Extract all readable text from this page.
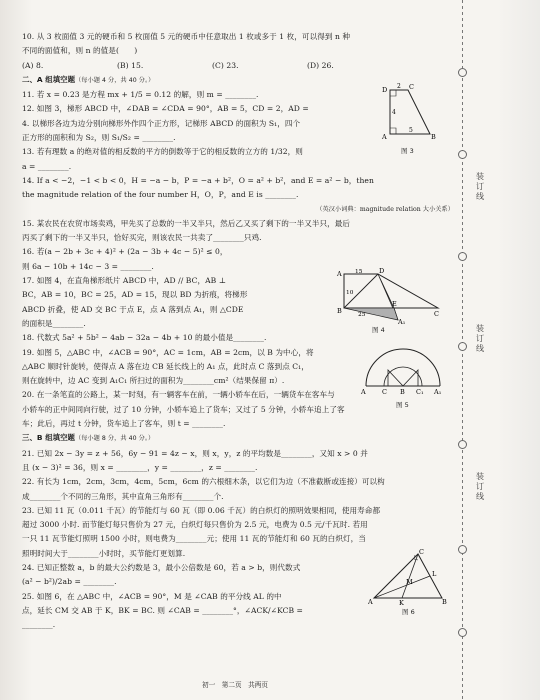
10. 从 3 枚面值 3 元的硬币和 5 枚面值 5 元的硬币中任意取出 1 枚或多于 1 枚，可以得到 n 种
不同的面值和，则 n 的值是(　　)
(A) 8.	(B) 15.	(C) 23.	(D) 26.
二、A 组填空题（每小题 4 分，共 40 分。）
11. 若 x = 0.23 是方程 mx + 1/5 = 0.12 的解，则 m = ________.
12. 如图 3，梯形 ABCD 中，∠DAB = ∠CDA = 90°，AB = 5，CD = 2，AD =
4. 以梯形各边为边分别向梯形外作四个正方形，记梯形 ABCD 的面积为 S₁，四个
正方形的面积和为 S₂，则 S₁/S₂ = ________.
13. 若有理数 a 的绝对值的相反数的平方的倒数等于它的相反数的立方的 1/32，则
a = ________.
14. If a < −2，−1 < b < 0，H = −a − b，P = −a + b²，O = a² + b²，and E = a² − b，then
the magnitude relation of the four number H，O，P，and E is ________.
（英汉小词典：magnitude relation 大小关系）
15. 某农民在农贸市场卖鸡，甲先买了总数的一半又半只，然后乙又买了剩下的一半又半只，最后
丙买了剩下的一半又半只，恰好买完，则该农民一共卖了________只鸡.
16. 若(a − 2b + 3c + 4)² + (2a − 3b + 4c − 5)² ≤ 0，
则 6a − 10b + 14c − 3 = ________.
17. 如图 4，在直角梯形纸片 ABCD 中，AD // BC，AB ⊥
BC，AB = 10，BC = 25，AD = 15，现以 BD 为折痕，将梯形
ABCD 折叠，使 AD 交 BC 于点 E，点 A 落到点 A₁，则 △CDE
的面积是________.
18. 代数式 5a² + 5b² − 4ab − 32a − 4b + 10 的最小值是________.
19. 如图 5，△ABC 中，∠ACB = 90°，AC = 1cm，AB = 2cm，以 B 为中心，将
△ABC 顺时针旋转，使得点 A 落在边 CB 延长线上的 A₁ 点，此时点 C 落到点 C₁，
则在旋转中，边 AC 变到 A₁C₁ 所扫过的面积为________cm²（结果保留 π）.
20. 在一条笔直的公路上，某一时刻，有一辆客车在前，一辆小轿车在后，一辆货车在客车与
小轿车的正中间同向行驶，过了 10 分钟，小轿车追上了货车；又过了 5 分钟，小轿车追上了客
车；此后，再过 t 分钟，货车追上了客车，则 t = ________.
三、B 组填空题（每小题 8 分，共 40 分。）
21. 已知 2x − 3y = z + 56，6y − 91 = 4z − x，则 x，y，z 的平均数是________，又知 x > 0 并
且 (x − 3)² = 36，则 x = ________，y = ________，z = ________.
22. 有长为 1cm，2cm，3cm，4cm，5cm，6cm 的六根细木条，以它们为边（不准截断或连接）可以构
成________个不同的三角形，其中直角三角形有________个.
23. 已知 11 瓦（0.011 千瓦）的节能灯与 60 瓦（即 0.06 千瓦）的白炽灯的照明效果相同，使用寿命都
超过 3000 小时. 而节能灯每只售价为 27 元，白炽灯每只售价为 2.5 元，电费为 0.5 元/千瓦时. 若用
一只 11 瓦节能灯照明 1500 小时，则电费为________元；使用 11 瓦的节能灯和 60 瓦的白炽灯，当
照明时间大于________小时时，买节能灯更划算.
24. 已知正整数 a，b 的最大公约数是 3，最小公倍数是 60，若 a > b，则代数式
(a² − b²)/2ab = ________.
25. 如图 6，在 △ABC 中，∠ACB = 90°，M 是 ∠CAB 的平分线 AL 的中
点，延长 CM 交 AB 于 K，BK = BC. 则 ∠CAB = ________°，∠ACK/∠KCB =
________.
D	C
A	B
4
2
5
图 3
A	D
B	C
E
A₁
15
25
10
图 4
A	C B C₁ A₁
图 5
A	B
C
K
M
L
图 6
初一　第二页　共两页
装订线
装订线
装订线
